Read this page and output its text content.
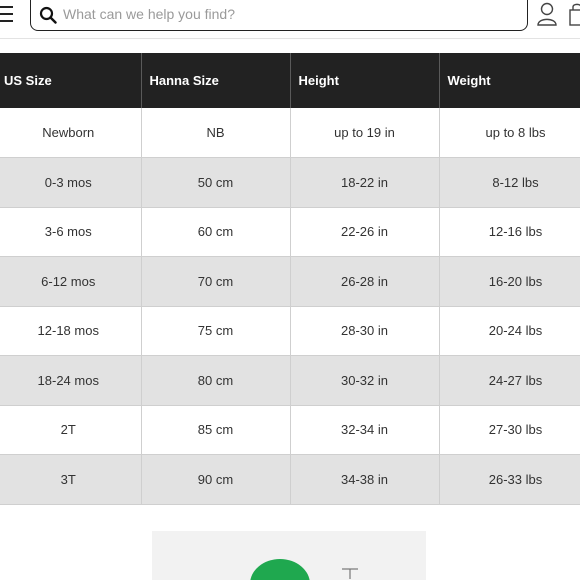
What can we help you find?
US Size	Hanna Size	Height	Weight
Newborn	NB	up to 19 in	up to 8 lbs
0-3 mos	50 cm	18-22 in	8-12 lbs
3-6 mos	60 cm	22-26 in	12-16 lbs
6-12 mos	70 cm	26-28 in	16-20 lbs
12-18 mos	75 cm	28-30 in	20-24 lbs
18-24 mos	80 cm	30-32 in	24-27 lbs
2T	85 cm	32-34 in	27-30 lbs
3T	90 cm	34-38 in	26-33 lbs
